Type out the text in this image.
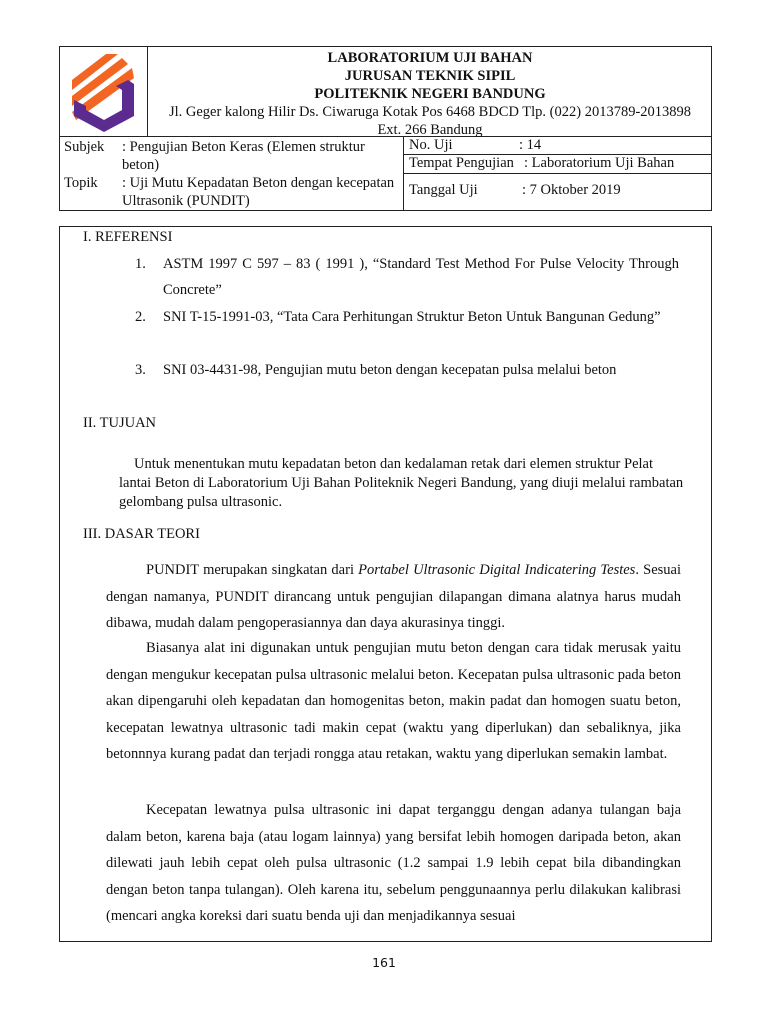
LABORATORIUM UJI BAHAN
JURUSAN TEKNIK SIPIL
POLITEKNIK NEGERI BANDUNG
Jl. Geger kalong Hilir Ds. Ciwaruga Kotak Pos 6468 BDCD Tlp. (022) 2013789-2013898
Ext. 266 Bandung
Subjek : Pengujian Beton Keras (Elemen struktur beton)
Topik : Uji Mutu Kepadatan Beton dengan kecepatan Ultrasonik (PUNDIT)
No. Uji	: 14
Tempat Pengujian : Laboratorium Uji Bahan
Tanggal Uji	: 7 Oktober 2019
I. REFERENSI
1. ASTM 1997 C 597 – 83 ( 1991 ), “Standard Test Method For Pulse Velocity Through Concrete”
2. SNI T-15-1991-03, “Tata Cara Perhitungan Struktur Beton Untuk Bangunan Gedung”
3. SNI 03-4431-98, Pengujian mutu beton dengan kecepatan pulsa melalui beton
II. TUJUAN
Untuk menentukan mutu kepadatan beton dan kedalaman retak dari elemen struktur Pelat lantai Beton di Laboratorium Uji Bahan Politeknik Negeri Bandung, yang diuji melalui rambatan gelombang pulsa ultrasonic.
III. DASAR TEORI
PUNDIT merupakan singkatan dari Portabel Ultrasonic Digital Indicatering Testes. Sesuai dengan namanya, PUNDIT dirancang untuk pengujian dilapangan dimana alatnya harus mudah dibawa, mudah dalam pengoperasiannya dan daya akurasinya tinggi.
Biasanya alat ini digunakan untuk pengujian mutu beton dengan cara tidak merusak yaitu dengan mengukur kecepatan pulsa ultrasonic melalui beton. Kecepatan pulsa ultrasonic pada beton akan dipengaruhi oleh kepadatan dan homogenitas beton, makin padat dan homogen suatu beton, kecepatan lewatnya ultrasonic tadi makin cepat (waktu yang diperlukan) dan sebaliknya, jika betonnnya kurang padat dan terjadi rongga atau retakan, waktu yang diperlukan semakin lambat.
Kecepatan lewatnya pulsa ultrasonic ini dapat terganggu dengan adanya tulangan baja dalam beton, karena baja (atau logam lainnya) yang bersifat lebih homogen daripada beton, akan dilewati jauh lebih cepat oleh pulsa ultrasonic (1.2 sampai 1.9 lebih cepat bila dibandingkan dengan beton tanpa tulangan). Oleh karena itu, sebelum penggunaannya perlu dilakukan kalibrasi (mencari angka koreksi dari suatu benda uji dan menjadikannya sesuai
161
